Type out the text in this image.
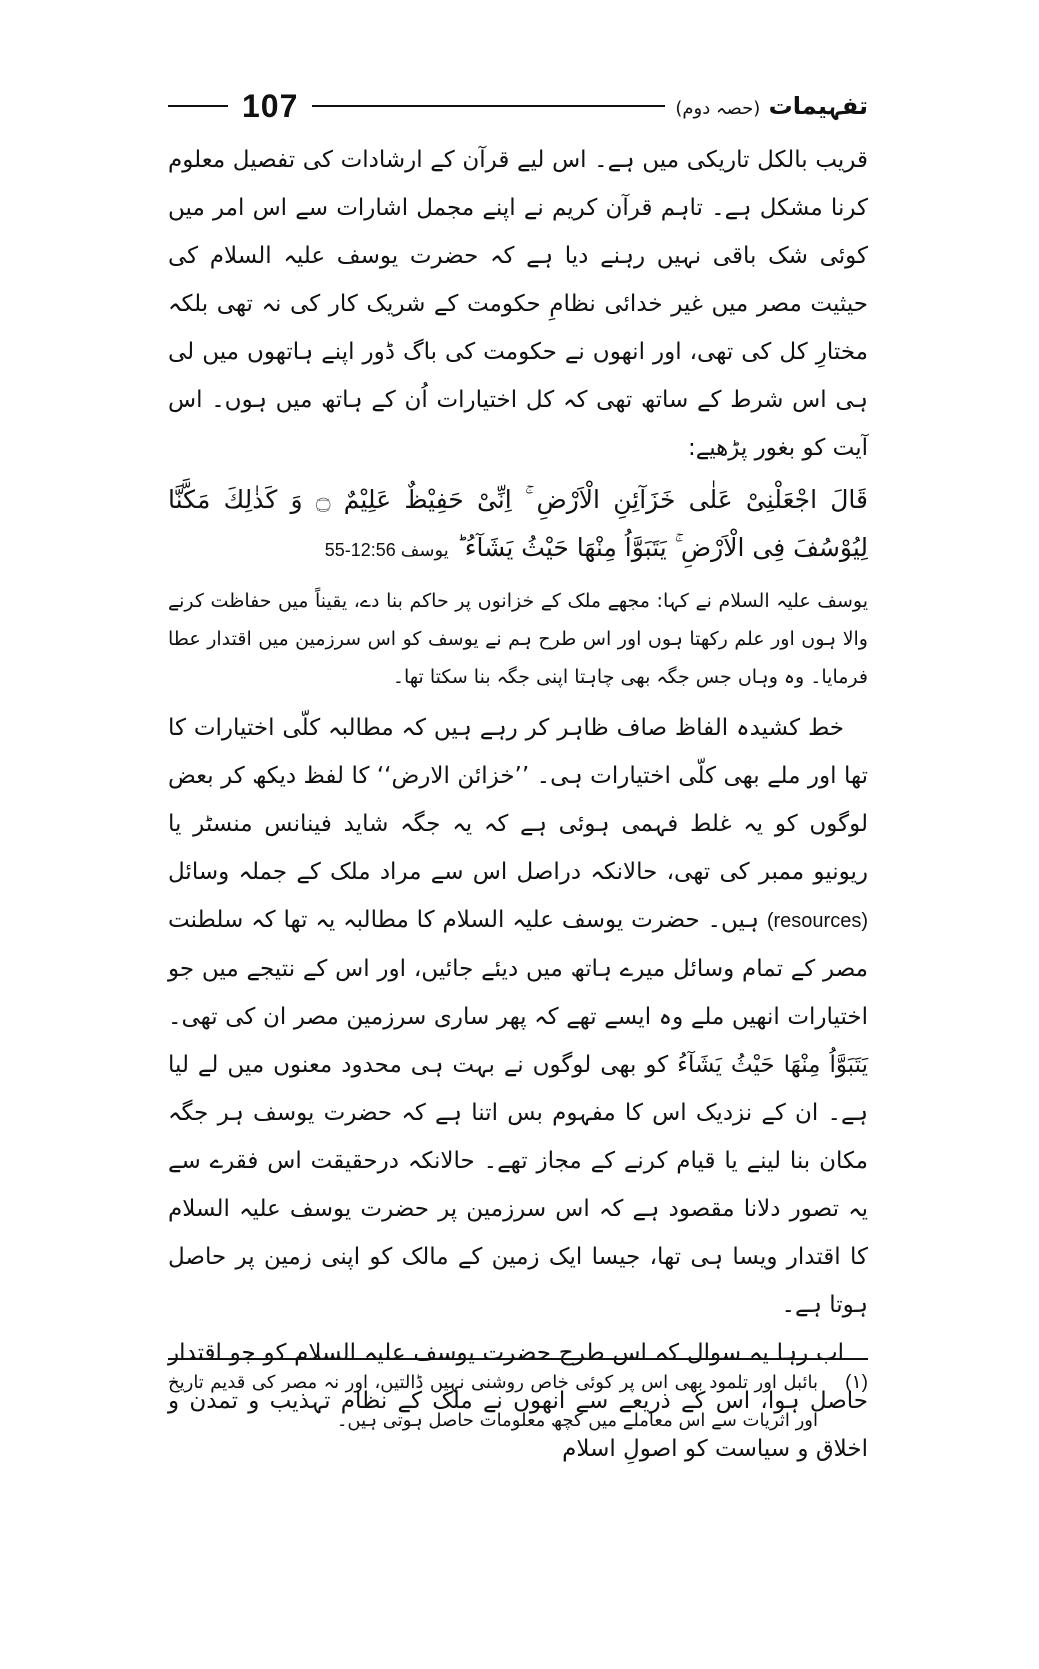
107	تفہیمات (حصہ دوم)

قریب بالکل تاریکی میں ہے۔ اس لیے قرآن کے ارشادات کی تفصیل معلوم کرنا مشکل ہے۔ تاہم قرآن کریم نے اپنے مجمل اشارات سے اس امر میں کوئی شک باقی نہیں رہنے دیا ہے کہ حضرت یوسف علیہ السلام کی حیثیت مصر میں غیر خدائی نظامِ حکومت کے شریک کار کی نہ تھی بلکہ مختارِ کل کی تھی، اور انھوں نے حکومت کی باگ ڈور اپنے ہاتھوں میں لی ہی اس شرط کے ساتھ تھی کہ کل اختیارات اُن کے ہاتھ میں ہوں۔ اس آیت کو بغور پڑھیے:

قَالَ اجْعَلْنِیْ عَلٰی خَزَآئِنِ الْاَرْضِ ۚ اِنِّیْ حَفِیْظٌ عَلِیْمٌ ۝ وَ كَذٰلِكَ مَكَّنَّا لِیُوْسُفَ فِی الْاَرْضِ ۚ یَتَبَوَّاُ مِنْهَا حَیْثُ یَشَآءُ ؕ یوسف 12:56-55

یوسف علیہ السلام نے کہا: مجھے ملک کے خزانوں پر حاکم بنا دے، یقیناً میں حفاظت کرنے والا ہوں اور علم رکھتا ہوں اور اس طرح ہم نے یوسف کو اس سرزمین میں اقتدار عطا فرمایا۔ وہ وہاں جس جگہ بھی چاہتا اپنی جگہ بنا سکتا تھا۔

خط کشیدہ الفاظ صاف ظاہر کر رہے ہیں کہ مطالبہ کلّی اختیارات کا تھا اور ملے بھی کلّی اختیارات ہی۔ ’’خزائن الارض‘‘ کا لفظ دیکھ کر بعض لوگوں کو یہ غلط فہمی ہوئی ہے کہ یہ جگہ شاید فینانس منسٹر یا ریونیو ممبر کی تھی، حالانکہ دراصل اس سے مراد ملک کے جملہ وسائل (resources) ہیں۔ حضرت یوسف علیہ السلام کا مطالبہ یہ تھا کہ سلطنت مصر کے تمام وسائل میرے ہاتھ میں دیئے جائیں، اور اس کے نتیجے میں جو اختیارات انھیں ملے وہ ایسے تھے کہ پھر ساری سرزمین مصر ان کی تھی۔ يَتَبَوَّاُ مِنْهَا حَيْثُ يَشَآءُ کو بھی لوگوں نے بہت ہی محدود معنوں میں لے لیا ہے۔ ان کے نزدیک اس کا مفہوم بس اتنا ہے کہ حضرت یوسف ہر جگہ مکان بنا لینے یا قیام کرنے کے مجاز تھے۔ حالانکہ درحقیقت اس فقرے سے یہ تصور دلانا مقصود ہے کہ اس سرزمین پر حضرت یوسف علیہ السلام کا اقتدار ویسا ہی تھا، جیسا ایک زمین کے مالک کو اپنی زمین پر حاصل ہوتا ہے۔

اب رہا یہ سوال کہ اس طرح حضرت یوسف علیہ السلام کو جو اقتدار حاصل ہوا، اس کے ذریعے سے انھوں نے ملک کے نظام تہذیب و تمدن و اخلاق و سیاست کو اصولِ اسلام

(۱)
بائبل اور تلمود بھی اس پر کوئی خاص روشنی نہیں ڈالتیں، اور نہ مصر کی قدیم تاریخ اور اثریات سے اس معاملے میں کچھ معلومات حاصل ہوتی ہیں۔
